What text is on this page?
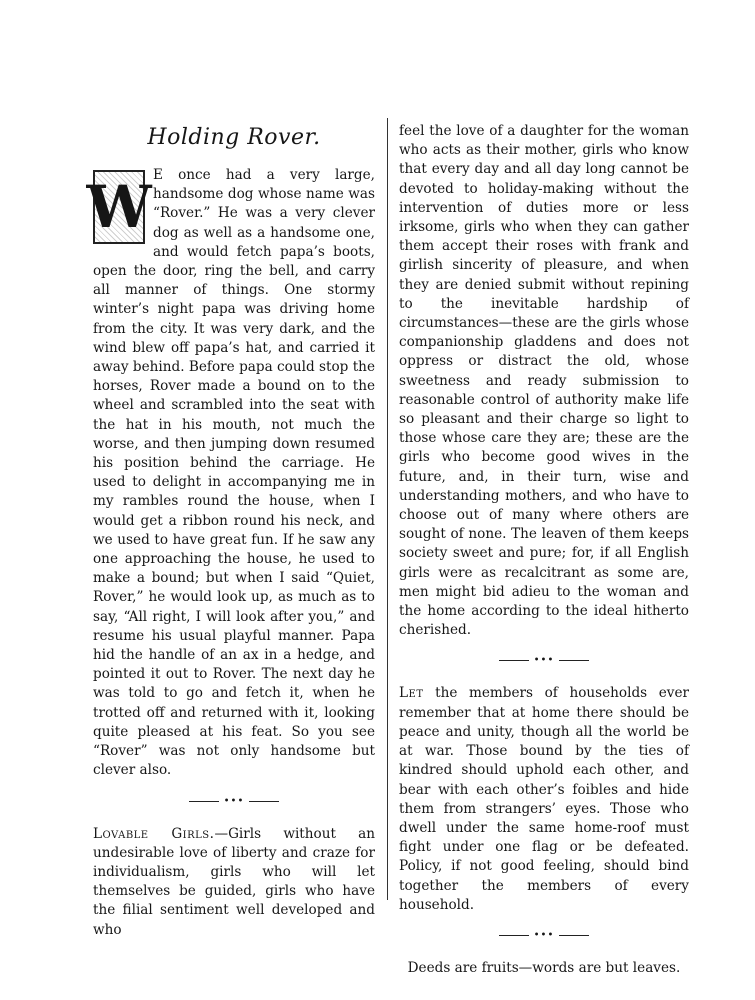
Holding Rover.
W E once had a very large, handsome dog whose name was “Rover.” He was a very clever dog as well as a handsome one, and would fetch papa’s boots, open the door, ring the bell, and carry all manner of things. One stormy winter’s night papa was driving home from the city. It was very dark, and the wind blew off papa’s hat, and carried it away behind. Before papa could stop the horses, Rover made a bound on to the wheel and scrambled into the seat with the hat in his mouth, not much the worse, and then jumping down resumed his position behind the carriage. He used to delight in accompanying me in my rambles round the house, when I would get a ribbon round his neck, and we used to have great fun. If he saw any one approaching the house, he used to make a bound; but when I said “Quiet, Rover,” he would look up, as much as to say, “All right, I will look after you,” and resume his usual playful manner. Papa hid the handle of an ax in a hedge, and pointed it out to Rover. The next day he was told to go and fetch it, when he trotted off and returned with it, looking quite pleased at his feat. So you see “Rover” was not only handsome but clever also.

•••

Lovable Girls.—Girls without an undesirable love of liberty and craze for individualism, girls who will let themselves be guided, girls who have the filial sentiment well developed and who

feel the love of a daughter for the woman who acts as their mother, girls who know that every day and all day long cannot be devoted to holiday-making without the intervention of duties more or less irksome, girls who when they can gather them accept their roses with frank and girlish sincerity of pleasure, and when they are denied submit without repining to the inevitable hardship of circumstances—these are the girls whose companionship gladdens and does not oppress or distract the old, whose sweetness and ready submission to reasonable control of authority make life so pleasant and their charge so light to those whose care they are; these are the girls who become good wives in the future, and, in their turn, wise and understanding mothers, and who have to choose out of many where others are sought of none. The leaven of them keeps society sweet and pure; for, if all English girls were as recalcitrant as some are, men might bid adieu to the woman and the home according to the ideal hitherto cherished.

•••

Let the members of households ever remember that at home there should be peace and unity, though all the world be at war. Those bound by the ties of kindred should uphold each other, and bear with each other’s foibles and hide them from strangers’ eyes. Those who dwell under the same home-roof must fight under one flag or be defeated. Policy, if not good feeling, should bind together the members of every household.

•••

Deeds are fruits—words are but leaves.
